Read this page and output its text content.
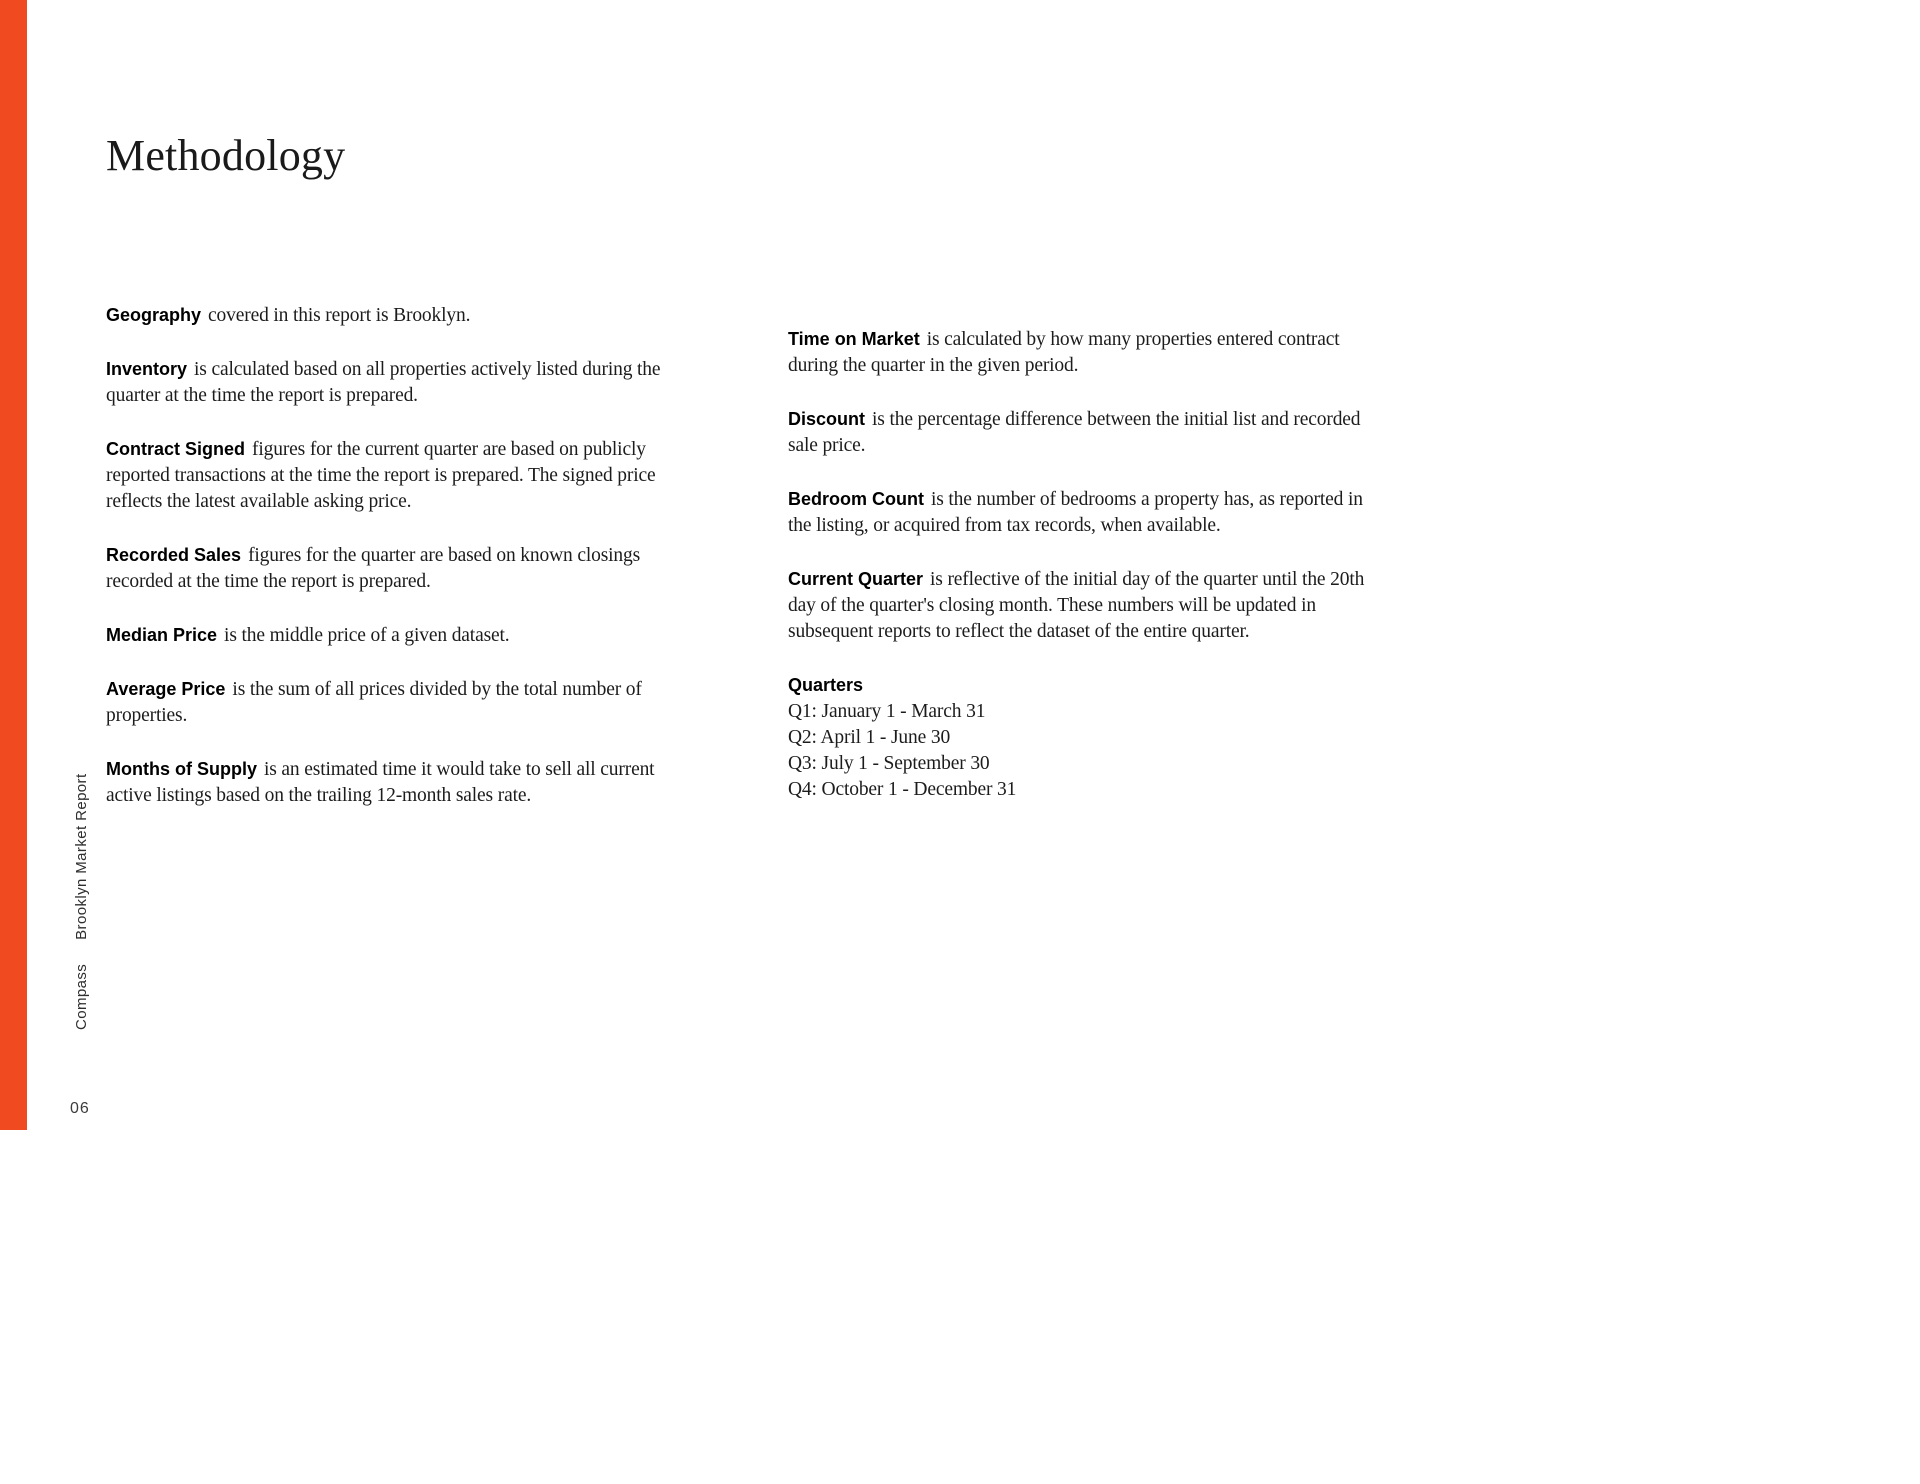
Methodology
Geography covered in this report is Brooklyn.
Inventory is calculated based on all properties actively listed during the
quarter at the time the report is prepared.
Contract Signed figures for the current quarter are based on publicly
reported transactions at the time the report is prepared. The signed price
reflects the latest available asking price.
Recorded Sales figures for the quarter are based on known closings
recorded at the time the report is prepared.
Median Price is the middle price of a given dataset.
Average Price is the sum of all prices divided by the total number of
properties.
Months of Supply is an estimated time it would take to sell all current
active listings based on the trailing 12-month sales rate.
Time on Market is calculated by how many properties entered contract
during the quarter in the given period.
Discount is the percentage difference between the initial list and recorded
sale price.
Bedroom Count is the number of bedrooms a property has, as reported in
the listing, or acquired from tax records, when available.
Current Quarter is reflective of the initial day of the quarter until the 20th
day of the quarter's closing month. These numbers will be updated in
subsequent reports to reflect the dataset of the entire quarter.
Quarters
Q1: January 1 - March 31
Q2: April 1 - June 30
Q3: July 1 - September 30
Q4: October 1 - December 31
Compass
Brooklyn Market Report
06
